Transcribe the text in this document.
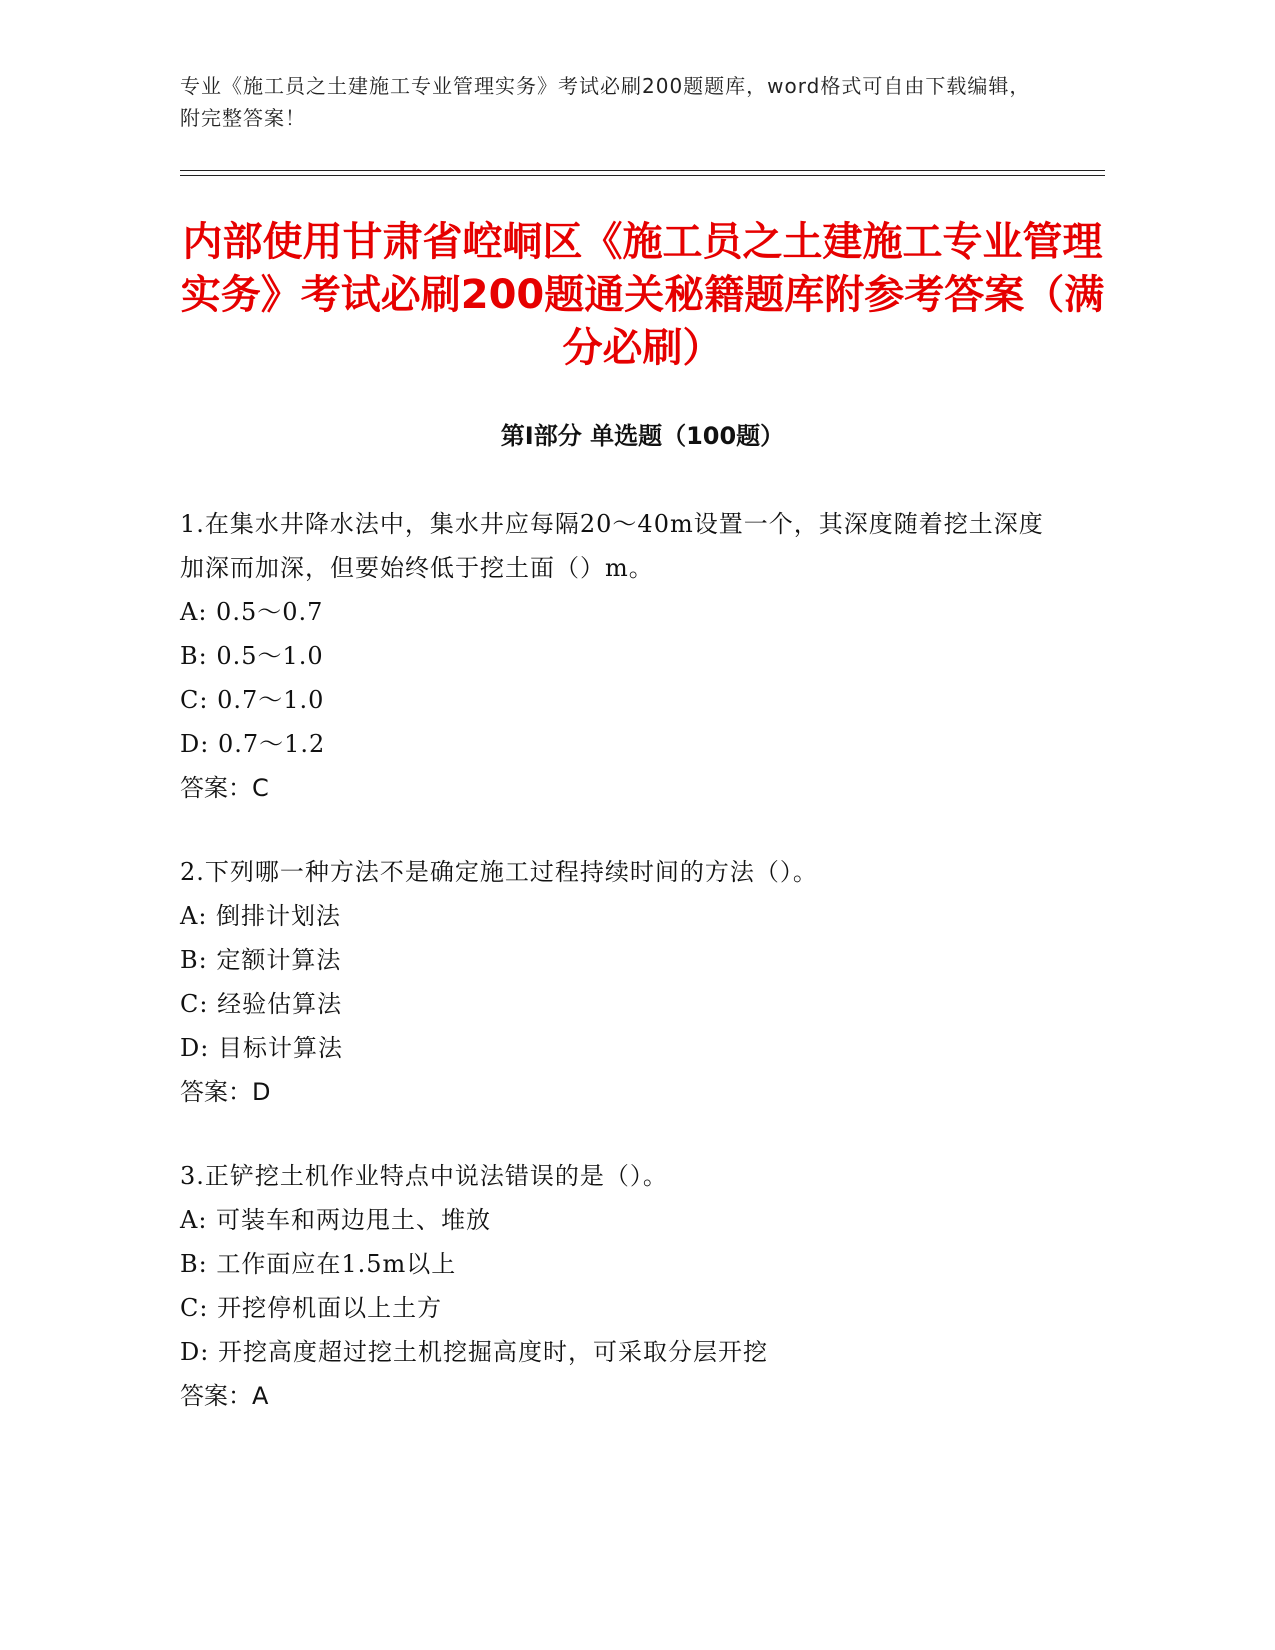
专业《施工员之土建施工专业管理实务》考试必刷200题题库，word格式可自由下载编辑，附完整答案！
内部使用甘肃省崆峒区《施工员之土建施工专业管理实务》考试必刷200题通关秘籍题库附参考答案（满分必刷）
第Ⅰ部分 单选题（100题）
1.在集水井降水法中，集水井应每隔20～40m设置一个，其深度随着挖土深度加深而加深，但要始终低于挖土面（）m。
A: 0.5～0.7
B: 0.5～1.0
C: 0.7～1.0
D: 0.7～1.2
答案：C
2.下列哪一种方法不是确定施工过程持续时间的方法（）。
A: 倒排计划法
B: 定额计算法
C: 经验估算法
D: 目标计算法
答案：D
3.正铲挖土机作业特点中说法错误的是（）。
A: 可装车和两边甩土、堆放
B: 工作面应在1.5m以上
C: 开挖停机面以上土方
D: 开挖高度超过挖土机挖掘高度时，可采取分层开挖
答案：A
